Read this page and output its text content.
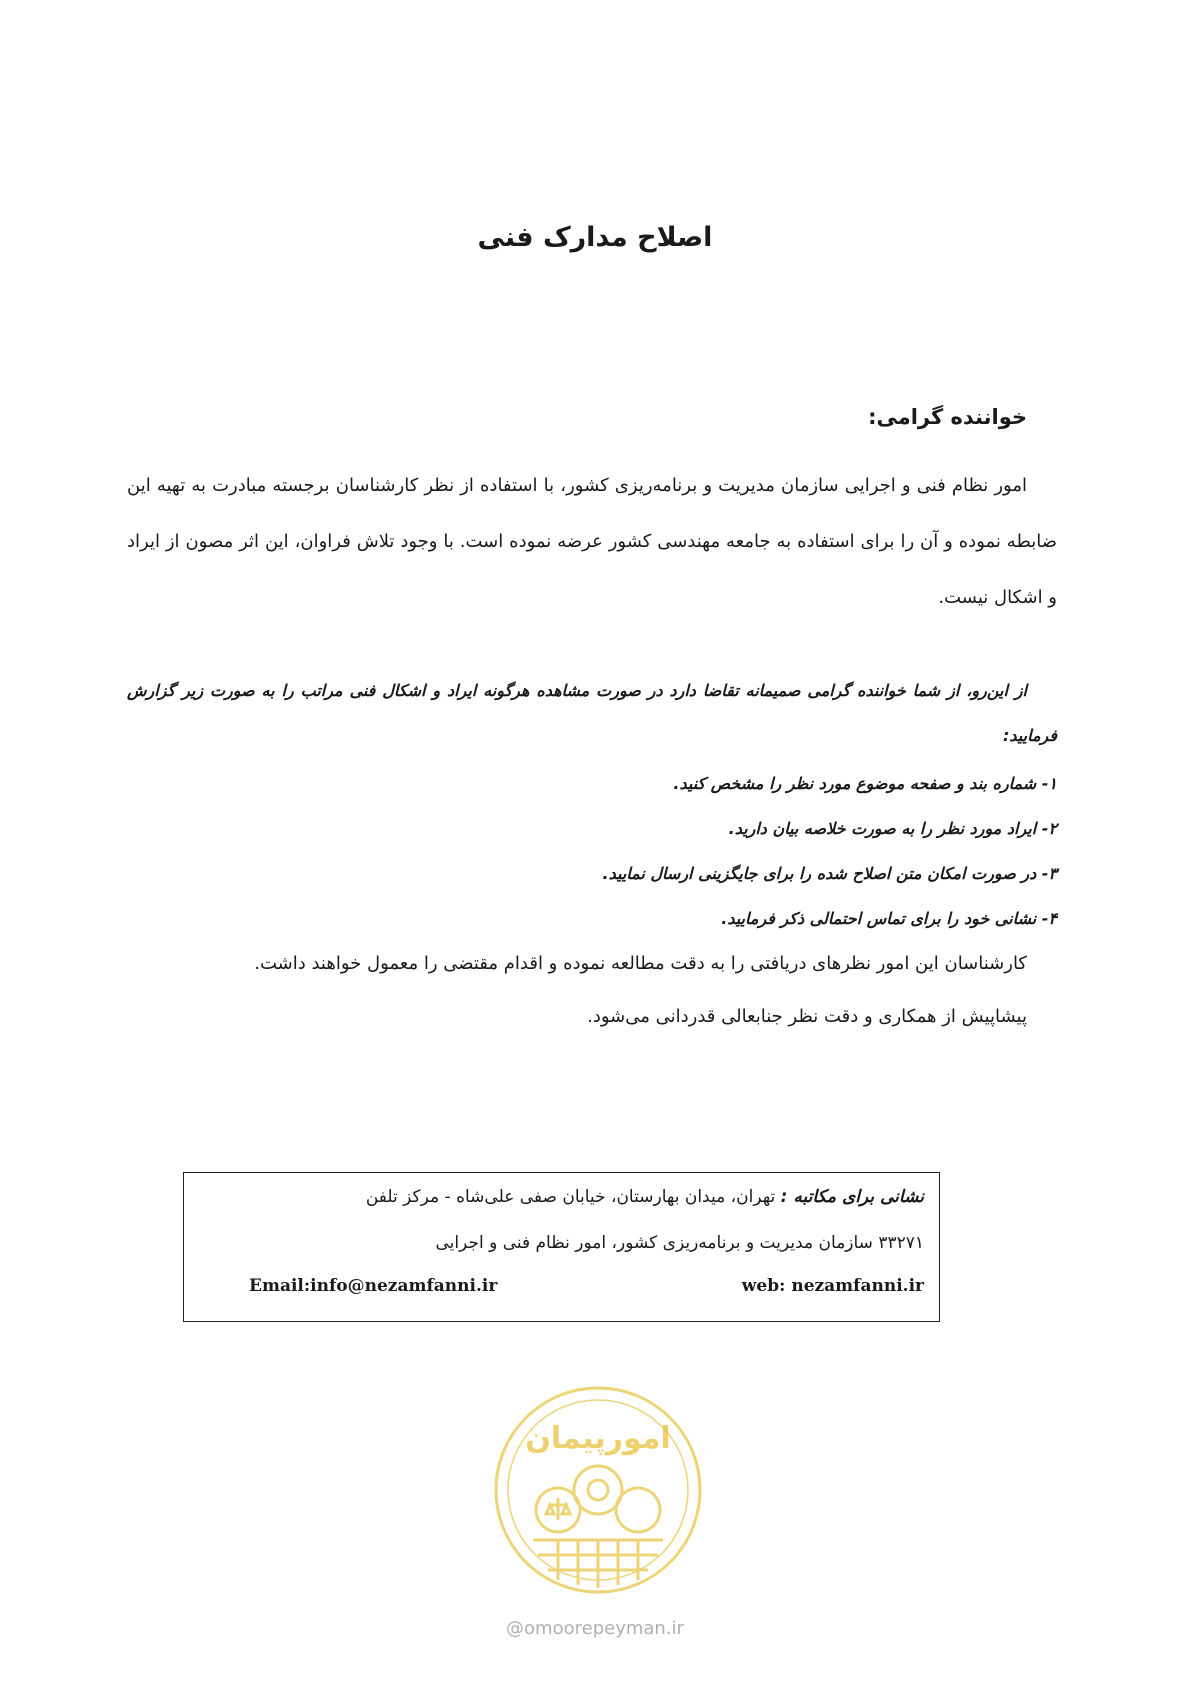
اصلاح مدارک فنی
خواننده گرامی:

امور نظام فنی و اجرایی سازمان مدیریت و برنامه‌ریزی کشور، با استفاده از نظر کارشناسان برجسته مبادرت به تهیه این ضابطه نموده و آن را برای استفاده به جامعه مهندسی کشور عرضه نموده است. با وجود تلاش فراوان، این اثر مصون از ایراد و اشکال نیست.

از این‌رو، از شما خواننده گرامی صمیمانه تقاضا دارد در صورت مشاهده هرگونه ایراد و اشکال فنی مراتب را به صورت زیر گزارش فرمایید:

۱- شماره بند و صفحه موضوع مورد نظر را مشخص کنید.
۲- ایراد مورد نظر را به صورت خلاصه بیان دارید.
۳- در صورت امکان متن اصلاح شده را برای جایگزینی ارسال نمایید.
۴- نشانی خود را برای تماس احتمالی ذکر فرمایید.
کارشناسان این امور نظرهای دریافتی را به دقت مطالعه نموده و اقدام مقتضی را معمول خواهند داشت.
پیشاپیش از همکاری و دقت نظر جنابعالی قدردانی می‌شود.
نشانی برای مکاتبه : تهران، میدان بهارستان، خیابان صفی علی‌شاه - مرکز تلفن
۳۳۲۷۱ سازمان مدیریت و برنامه‌ریزی کشور، امور نظام فنی و اجرایی
web: nezamfanni.ir
Email:info@nezamfanni.ir
امورپیمان
@omoorepeyman.ir
